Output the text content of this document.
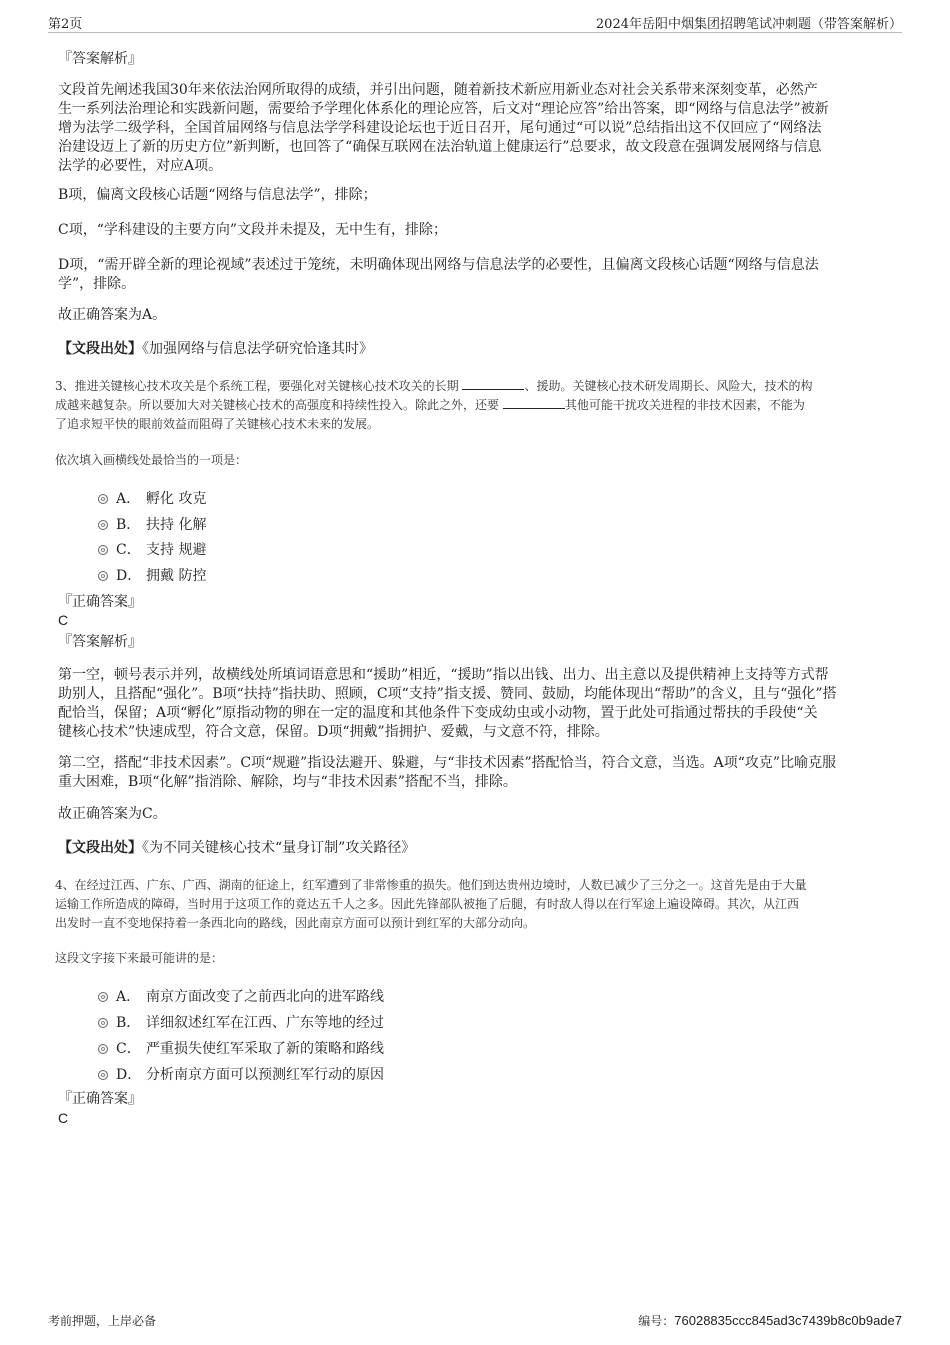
第2页	2024年岳阳中烟集团招聘笔试冲刺题（带答案解析）
『答案解析』
文段首先阐述我国30年来依法治网所取得的成绩，并引出问题，随着新技术新应用新业态对社会关系带来深刻变革，必然产
生一系列法治理论和实践新问题，需要给予学理化体系化的理论应答，后文对“理论应答”给出答案，即“网络与信息法学”被新
增为法学二级学科，全国首届网络与信息法学学科建设论坛也于近日召开，尾句通过“可以说”总结指出这不仅回应了“网络法
治建设迈上了新的历史方位”新判断，也回答了“确保互联网在法治轨道上健康运行”总要求，故文段意在强调发展网络与信息
法学的必要性，对应A项。
B项，偏离文段核心话题“网络与信息法学”，排除；
C项，“学科建设的主要方向”文段并未提及，无中生有，排除；
D项，“需开辟全新的理论视域”表述过于笼统，未明确体现出网络与信息法学的必要性，且偏离文段核心话题“网络与信息法
学”，排除。
故正确答案为A。
【文段出处】《加强网络与信息法学研究恰逢其时》
3、推进关键核心技术攻关是个系统工程，要强化对关键核心技术攻关的长期	、援助。关键核心技术研发周期长、风险大，技术的构
成越来越复杂。所以要加大对关键核心技术的高强度和持续性投入。除此之外，还要	其他可能干扰攻关进程的非技术因素，不能为
了追求短平快的眼前效益而阻碍了关键核心技术未来的发展。
依次填入画横线处最恰当的一项是：
A． 孵化 攻克
B． 扶持 化解
C． 支持 规避
D． 拥戴 防控
『正确答案』
C
『答案解析』
第一空，顿号表示并列，故横线处所填词语意思和“援助”相近，“援助”指以出钱、出力、出主意以及提供精神上支持等方式帮
助别人，且搭配“强化”。B项“扶持”指扶助、照顾，C项“支持”指支援、赞同、鼓励，均能体现出“帮助”的含义，且与“强化”搭
配恰当，保留；A项“孵化”原指动物的卵在一定的温度和其他条件下变成幼虫或小动物，置于此处可指通过帮扶的手段使“关
键核心技术”快速成型，符合文意，保留。D项“拥戴”指拥护、爱戴，与文意不符，排除。
第二空，搭配“非技术因素”。C项“规避”指设法避开、躲避，与“非技术因素”搭配恰当，符合文意，当选。A项“攻克”比喻克服
重大困难，B项“化解”指消除、解除，均与“非技术因素”搭配不当，排除。
故正确答案为C。
【文段出处】《为不同关键核心技术“量身订制”攻关路径》
4、在经过江西、广东、广西、湖南的征途上，红军遭到了非常惨重的损失。他们到达贵州边境时，人数已减少了三分之一。这首先是由于大量
运输工作所造成的障碍，当时用于这项工作的竟达五千人之多。因此先锋部队被拖了后腿，有时敌人得以在行军途上遍设障碍。其次，从江西
出发时一直不变地保持着一条西北向的路线，因此南京方面可以预计到红军的大部分动向。
这段文字接下来最可能讲的是：
A． 南京方面改变了之前西北向的进军路线
B． 详细叙述红军在江西、广东等地的经过
C． 严重损失使红军采取了新的策略和路线
D． 分析南京方面可以预测红军行动的原因
『正确答案』
C
考前押题，上岸必备	编号：76028835ccc845ad3c7439b8c0b9ade7
